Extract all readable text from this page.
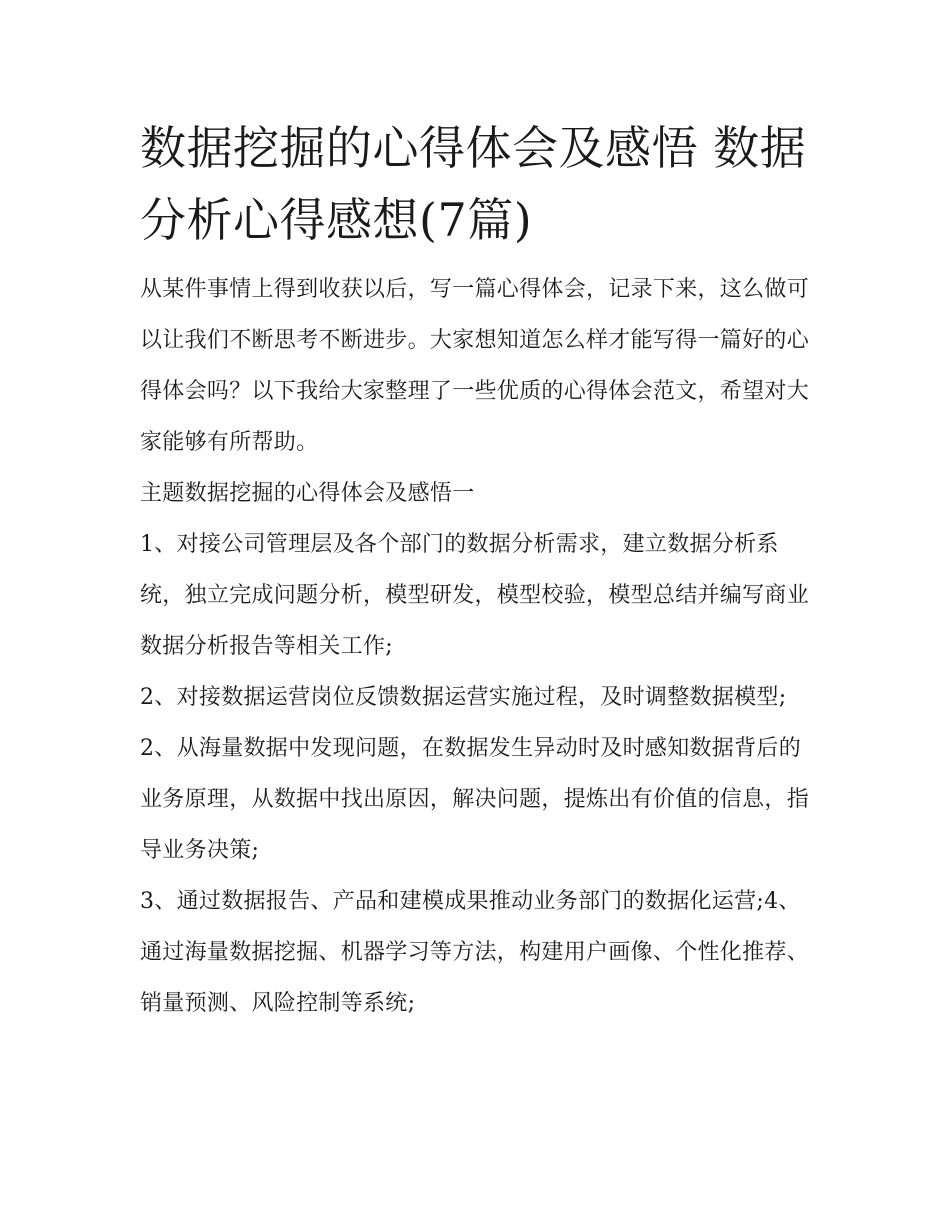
数据挖掘的心得体会及感悟 数据分析心得感想(7篇)

从某件事情上得到收获以后，写一篇心得体会，记录下来，这么做可以让我们不断思考不断进步。大家想知道怎么样才能写得一篇好的心得体会吗？以下我给大家整理了一些优质的心得体会范文，希望对大家能够有所帮助。

主题数据挖掘的心得体会及感悟一

1、对接公司管理层及各个部门的数据分析需求，建立数据分析系统，独立完成问题分析，模型研发，模型校验，模型总结并编写商业数据分析报告等相关工作;

2、对接数据运营岗位反馈数据运营实施过程，及时调整数据模型;

2、从海量数据中发现问题，在数据发生异动时及时感知数据背后的业务原理，从数据中找出原因，解决问题，提炼出有价值的信息，指导业务决策;

3、通过数据报告、产品和建模成果推动业务部门的数据化运营;4、通过海量数据挖掘、机器学习等方法，构建用户画像、个性化推荐、销量预测、风险控制等系统;
